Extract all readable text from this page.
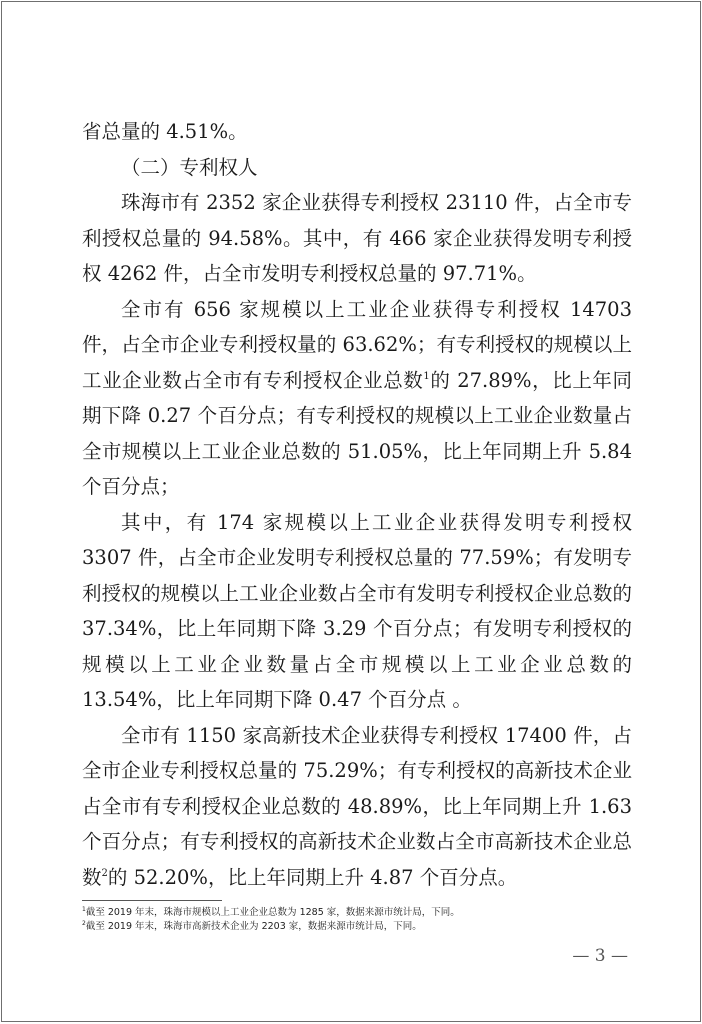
省总量的 4.51%。

（二）专利权人

珠海市有 2352 家企业获得专利授权 23110 件，占全市专利授权总量的 94.58%。其中，有 466 家企业获得发明专利授权 4262 件，占全市发明专利授权总量的 97.71%。

全市有 656 家规模以上工业企业获得专利授权 14703 件，占全市企业专利授权量的 63.62%；有专利授权的规模以上工业企业数占全市有专利授权企业总数$^1$的 27.89%，比上年同期下降 0.27 个百分点；有专利授权的规模以上工业企业数量占全市规模以上工业企业总数的 51.05%，比上年同期上升 5.84 个百分点；

其中，有 174 家规模以上工业企业获得发明专利授权 3307 件，占全市企业发明专利授权总量的 77.59%；有发明专利授权的规模以上工业企业数占全市有发明专利授权企业总数的 37.34%，比上年同期下降 3.29 个百分点；有发明专利授权的规模以上工业企业数量占全市规模以上工业企业总数的 13.54%，比上年同期下降 0.47 个百分点 。

全市有 1150 家高新技术企业获得专利授权 17400 件，占全市企业专利授权总量的 75.29%；有专利授权的高新技术企业占全市有专利授权企业总数的 48.89%，比上年同期上升 1.63 个百分点；有专利授权的高新技术企业数占全市高新技术企业总数$^2$的 52.20%，比上年同期上升 4.87 个百分点。

$^1$截至 2019 年末，珠海市规模以上工业企业总数为 1285 家，数据来源市统计局，下同。

$^2$截至 2019 年末，珠海市高新技术企业为 2203 家，数据来源市统计局，下同。

— 3 —
